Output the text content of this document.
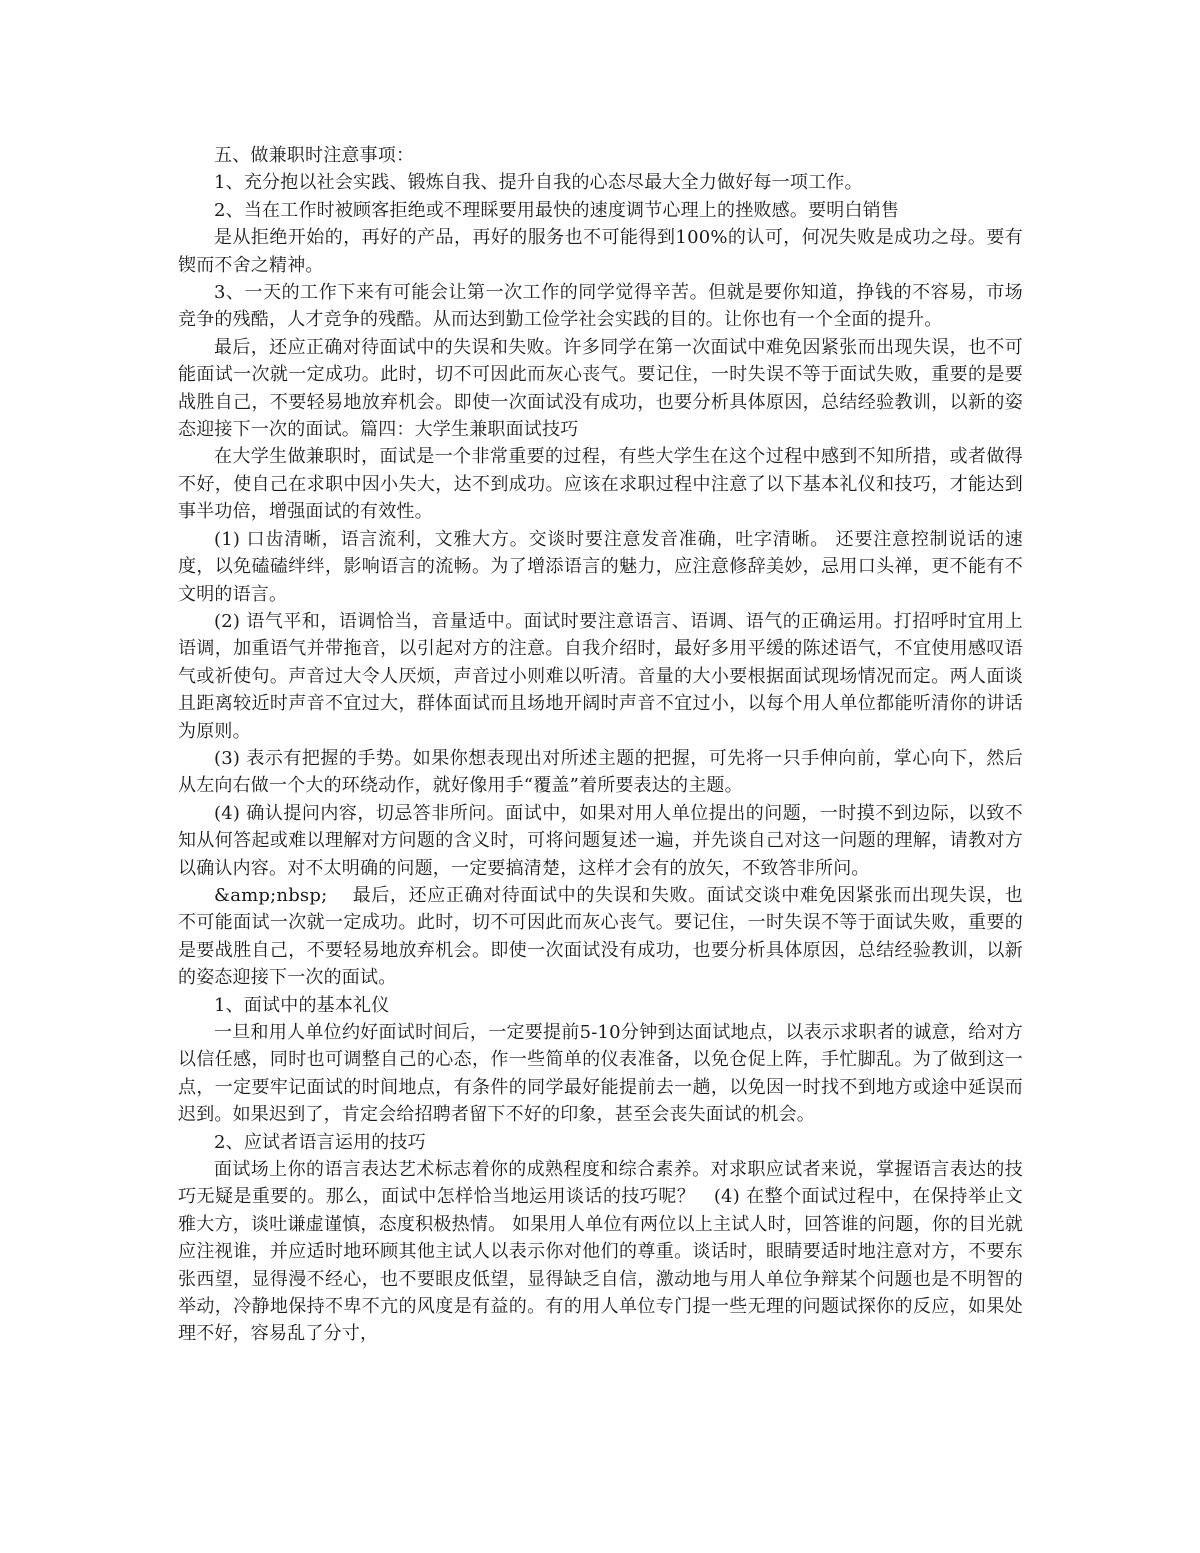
五、做兼职时注意事项：

1、充分抱以社会实践、锻炼自我、提升自我的心态尽最大全力做好每一项工作。

2、当在工作时被顾客拒绝或不理睬要用最快的速度调节心理上的挫败感。要明白销售

是从拒绝开始的，再好的产品，再好的服务也不可能得到100%的认可，何况失败是成功之母。要有锲而不舍之精神。

3、一天的工作下来有可能会让第一次工作的同学觉得辛苦。但就是要你知道，挣钱的不容易，市场竞争的残酷，人才竞争的残酷。从而达到勤工俭学社会实践的目的。让你也有一个全面的提升。

最后，还应正确对待面试中的失误和失败。许多同学在第一次面试中难免因紧张而出现失误，也不可能面试一次就一定成功。此时，切不可因此而灰心丧气。要记住，一时失误不等于面试失败，重要的是要战胜自己，不要轻易地放弃机会。即使一次面试没有成功，也要分析具体原因，总结经验教训，以新的姿态迎接下一次的面试。篇四：大学生兼职面试技巧

在大学生做兼职时，面试是一个非常重要的过程，有些大学生在这个过程中感到不知所措，或者做得不好，使自己在求职中因小失大，达不到成功。应该在求职过程中注意了以下基本礼仪和技巧，才能达到事半功倍，增强面试的有效性。

(1) 口齿清晰，语言流利，文雅大方。交谈时要注意发音准确，吐字清晰。 还要注意控制说话的速度，以免磕磕绊绊，影响语言的流畅。为了增添语言的魅力，应注意修辞美妙，忌用口头禅，更不能有不文明的语言。

(2) 语气平和，语调恰当，音量适中。面试时要注意语言、语调、语气的正确运用。打招呼时宜用上语调，加重语气并带拖音，以引起对方的注意。自我介绍时，最好多用平缓的陈述语气，不宜使用感叹语气或祈使句。声音过大令人厌烦，声音过小则难以听清。音量的大小要根据面试现场情况而定。两人面谈且距离较近时声音不宜过大，群体面试而且场地开阔时声音不宜过小，以每个用人单位都能听清你的讲话为原则。

(3) 表示有把握的手势。如果你想表现出对所述主题的把握，可先将一只手伸向前，掌心向下，然后从左向右做一个大的环绕动作，就好像用手“覆盖”着所要表达的主题。

(4) 确认提问内容，切忌答非所问。面试中，如果对用人单位提出的问题，一时摸不到边际，以致不知从何答起或难以理解对方问题的含义时，可将问题复述一遍，并先谈自己对这一问题的理解，请教对方以确认内容。对不太明确的问题，一定要搞清楚，这样才会有的放矢，不致答非所问。

&amp;nbsp;　 最后，还应正确对待面试中的失误和失败。面试交谈中难免因紧张而出现失误，也不可能面试一次就一定成功。此时，切不可因此而灰心丧气。要记住，一时失误不等于面试失败，重要的是要战胜自己，不要轻易地放弃机会。即使一次面试没有成功，也要分析具体原因，总结经验教训，以新的姿态迎接下一次的面试。

1、面试中的基本礼仪

一旦和用人单位约好面试时间后，一定要提前5-10分钟到达面试地点，以表示求职者的诚意，给对方以信任感，同时也可调整自己的心态，作一些简单的仪表准备，以免仓促上阵，手忙脚乱。为了做到这一点，一定要牢记面试的时间地点，有条件的同学最好能提前去一趟，以免因一时找不到地方或途中延误而迟到。如果迟到了，肯定会给招聘者留下不好的印象，甚至会丧失面试的机会。

2、应试者语言运用的技巧

面试场上你的语言表达艺术标志着你的成熟程度和综合素养。对求职应试者来说，掌握语言表达的技巧无疑是重要的。那么，面试中怎样恰当地运用谈话的技巧呢？　(4) 在整个面试过程中，在保持举止文雅大方，谈吐谦虚谨慎，态度积极热情。 如果用人单位有两位以上主试人时，回答谁的问题，你的目光就应注视谁，并应适时地环顾其他主试人以表示你对他们的尊重。谈话时，眼睛要适时地注意对方，不要东张西望，显得漫不经心，也不要眼皮低望，显得缺乏自信，激动地与用人单位争辩某个问题也是不明智的举动，冷静地保持不卑不亢的风度是有益的。有的用人单位专门提一些无理的问题试探你的反应，如果处理不好，容易乱了分寸，
